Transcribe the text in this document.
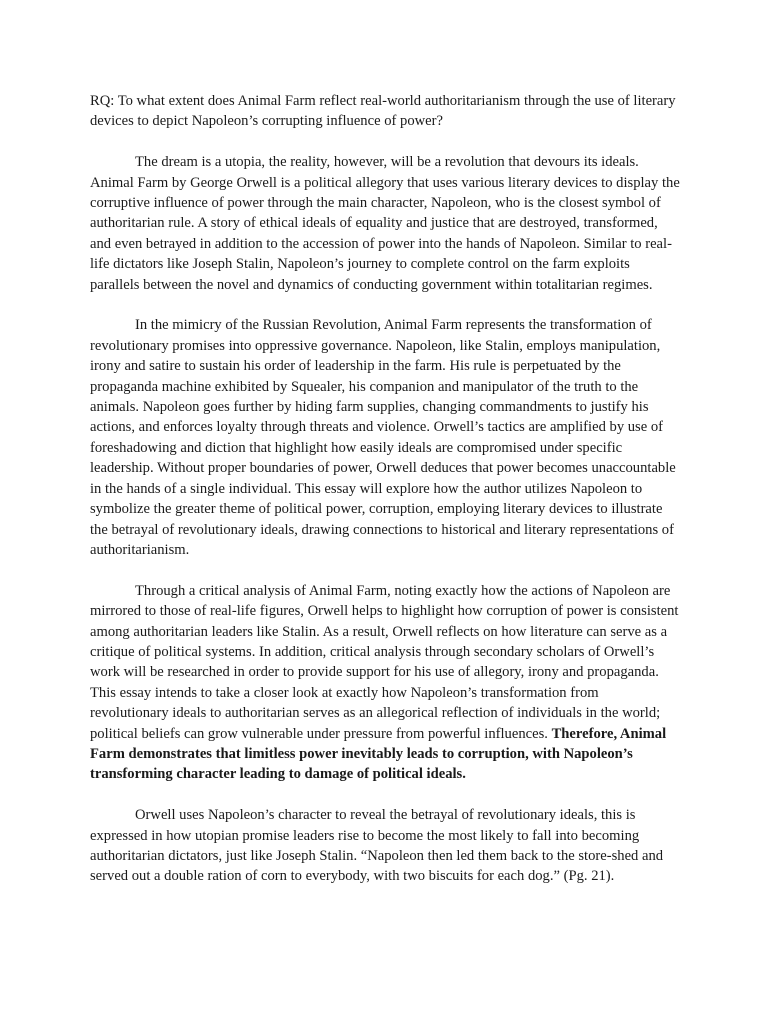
RQ: To what extent does Animal Farm reflect real-world authoritarianism through the use of literary devices to depict Napoleon’s corrupting influence of power?

The dream is a utopia, the reality, however, will be a revolution that devours its ideals. Animal Farm by George Orwell is a political allegory that uses various literary devices to display the corruptive influence of power through the main character, Napoleon, who is the closest symbol of authoritarian rule. A story of ethical ideals of equality and justice that are destroyed, transformed, and even betrayed in addition to the accession of power into the hands of Napoleon. Similar to real-life dictators like Joseph Stalin, Napoleon’s journey to complete control on the farm exploits parallels between the novel and dynamics of conducting government within totalitarian regimes.

In the mimicry of the Russian Revolution, Animal Farm represents the transformation of revolutionary promises into oppressive governance. Napoleon, like Stalin, employs manipulation, irony and satire to sustain his order of leadership in the farm. His rule is perpetuated by the propaganda machine exhibited by Squealer, his companion and manipulator of the truth to the animals. Napoleon goes further by hiding farm supplies, changing commandments to justify his actions, and enforces loyalty through threats and violence. Orwell’s tactics are amplified by use of foreshadowing and diction that highlight how easily ideals are compromised under specific leadership. Without proper boundaries of power, Orwell deduces that power becomes unaccountable in the hands of a single individual. This essay will explore how the author utilizes Napoleon to symbolize the greater theme of political power, corruption, employing literary devices to illustrate the betrayal of revolutionary ideals, drawing connections to historical and literary representations of authoritarianism.

Through a critical analysis of Animal Farm, noting exactly how the actions of Napoleon are mirrored to those of real-life figures, Orwell helps to highlight how corruption of power is consistent among authoritarian leaders like Stalin. As a result, Orwell reflects on how literature can serve as a critique of political systems. In addition, critical analysis through secondary scholars of Orwell’s work will be researched in order to provide support for his use of allegory, irony and propaganda. This essay intends to take a closer look at exactly how Napoleon’s transformation from revolutionary ideals to authoritarian serves as an allegorical reflection of individuals in the world; political beliefs can grow vulnerable under pressure from powerful influences. Therefore, Animal Farm demonstrates that limitless power inevitably leads to corruption, with Napoleon’s transforming character leading to damage of political ideals.

Orwell uses Napoleon’s character to reveal the betrayal of revolutionary ideals, this is expressed in how utopian promise leaders rise to become the most likely to fall into becoming authoritarian dictators, just like Joseph Stalin. “Napoleon then led them back to the store-shed and served out a double ration of corn to everybody, with two biscuits for each dog.” (Pg. 21).
